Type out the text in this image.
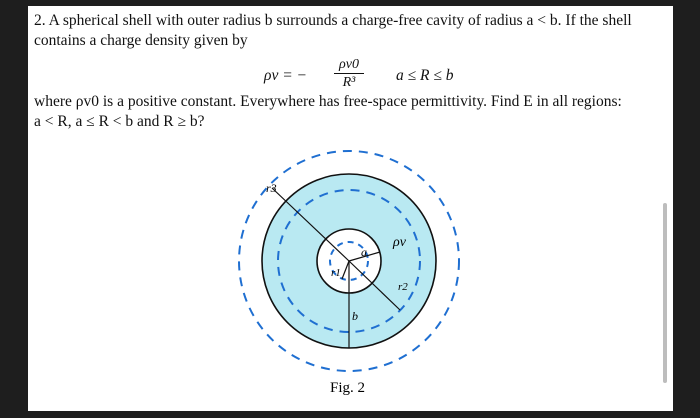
2. A spherical shell with outer radius b surrounds a charge-free cavity of radius a < b. If the shell
contains a charge density given by
ρv = −
ρv0
R³	a ≤ R ≤ b
where ρv0 is a positive constant. Everywhere has free-space permittivity. Find E in all regions:
a < R, a ≤ R < b and R ≥ b?
r3
ρv
a
r1
r2
b
Fig. 2
